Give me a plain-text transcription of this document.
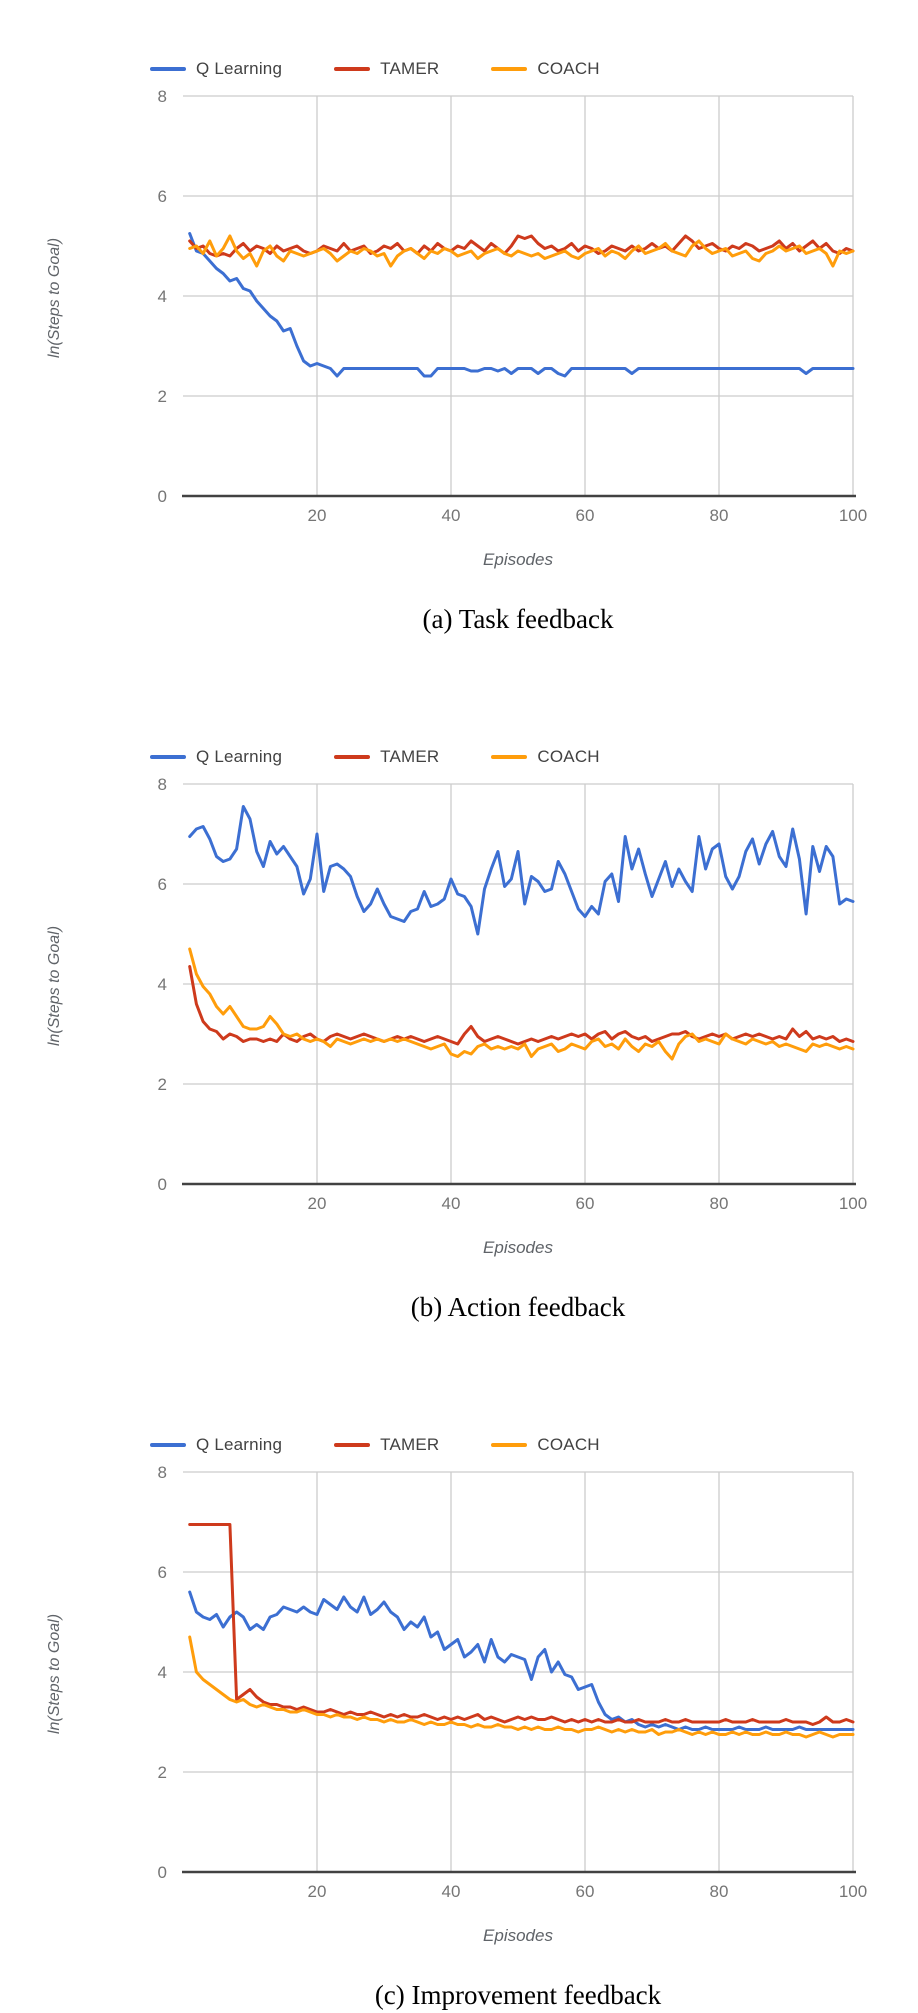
Q Learning	TAMER	COACH
ln(Steps to Goal)
0
2
4
6
8
20	40	60	80	100
Episodes
(a) Task feedback
Q Learning	TAMER	COACH
ln(Steps to Goal)
0
2
4
6
8
20	40	60	80	100
Episodes
(b) Action feedback
Q Learning	TAMER	COACH
ln(Steps to Goal)
0
2
4
6
8
20	40	60	80	100
Episodes
(c) Improvement feedback
